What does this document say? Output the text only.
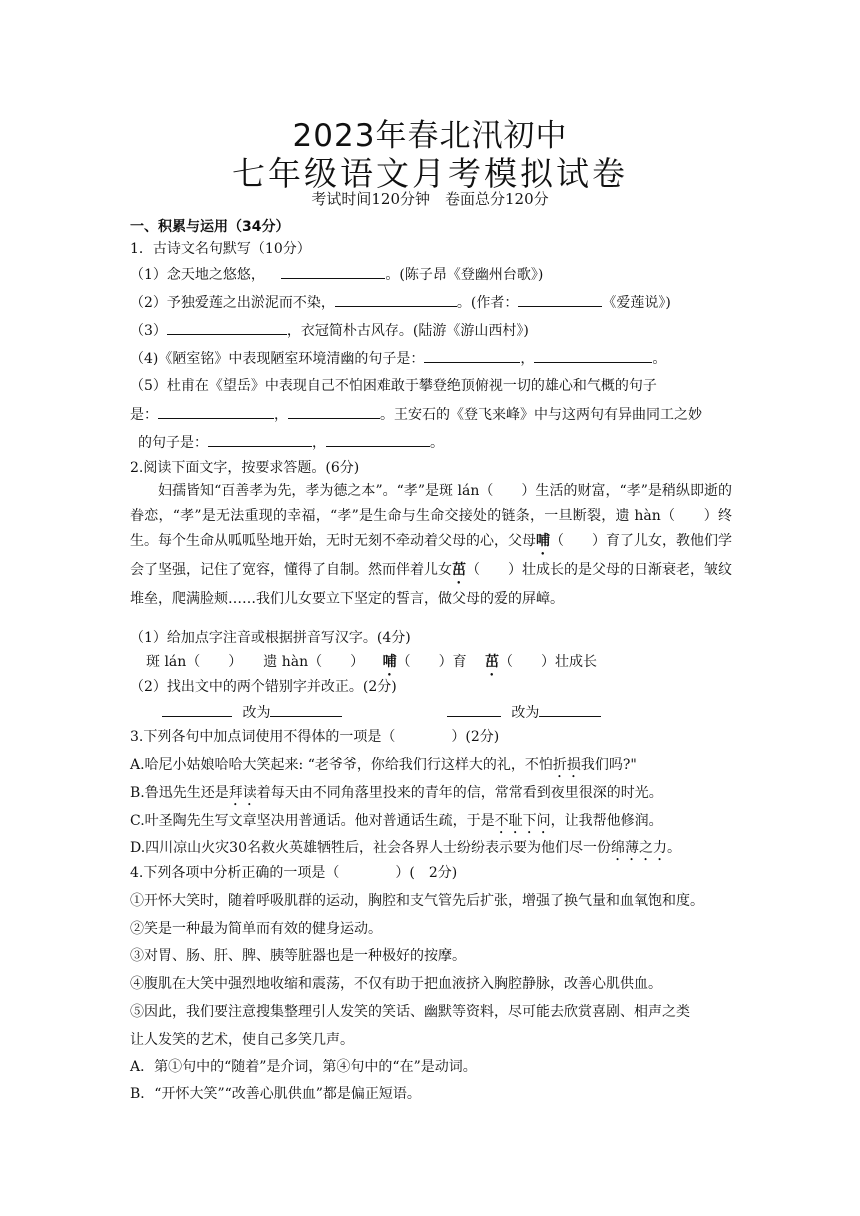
2023年春北汛初中
七年级语文月考模拟试卷
考试时间120分钟　卷面总分120分
一、积累与运用（34分）
1．古诗文名句默写（10分）
（1）念天地之悠悠，	。(陈子昂《登幽州台歌》)
（2）予独爱莲之出淤泥而不染，	。(作者：	《爱莲说》)
（3）	，衣冠简朴古风存。(陆游《游山西村》)
（4)《陋室铭》中表现陋室环境清幽的句子是：	，	。
（5）杜甫在《望岳》中表现自己不怕困难敢于攀登绝顶俯视一切的雄心和气概的句子
是：	，	。王安石的《登飞来峰》中与这两句有异曲同工之妙
的句子是：	，	。
2.阅读下面文字，按要求答题。(6分)
妇孺皆知“百善孝为先，孝为德之本”。“孝”是斑 lán（　　）生活的财富，“孝”是稍纵即逝的眷恋，“孝”是无法重现的幸福，“孝”是生命与生命交接处的链条，一旦断裂，遗 hàn（　　）终生。每个生命从呱呱坠地开始，无时无刻不牵动着父母的心，父母哺（　　）育了儿女，教他们学会了坚强，记住了宽容，懂得了自制。然而伴着儿女茁（　　）壮成长的是父母的日渐衰老，皱纹堆垒，爬满脸颊……我们儿女要立下坚定的誓言，做父母的爱的屏嶂。
（1）给加点字注音或根据拼音写汉字。(4分)
斑 lán（　　）　　遗 hàn（　　） 哺（　　）育 茁（　　）壮成长
（2）找出文中的两个错别字并改正。(2分)
改为	改为
3.下列各句中加点词使用不得体的一项是（　　　　）(2分)
A.哈尼小姑娘哈哈大笑起来: “老爷爷，你给我们行这样大的礼，不怕折损我们吗?"
B.鲁迅先生还是拜读着每天由不同角落里投来的青年的信，常常看到夜里很深的时光。
C.叶圣陶先生写文章坚决用普通话。他对普通话生疏，于是不耻下问，让我帮他修润。
D.四川凉山火灾30名救火英雄牺牲后，社会各界人士纷纷表示要为他们尽一份绵薄之力。
4.下列各项中分析正确的一项是（　　　　）(　2分)
①开怀大笑时，随着呼吸肌群的运动，胸腔和支气管先后扩张，增强了换气量和血氧饱和度。
②笑是一种最为简单而有效的健身运动。
③对胃、肠、肝、脾、胰等脏器也是一种极好的按摩。
④腹肌在大笑中强烈地收缩和震荡，不仅有助于把血液挤入胸腔静脉，改善心肌供血。
⑤因此，我们要注意搜集整理引人发笑的笑话、幽默等资料，尽可能去欣赏喜剧、相声之类
让人发笑的艺术，使自己多笑几声。
A．第①句中的“随着”是介词，第④句中的“在”是动词。
B．“开怀大笑”“改善心肌供血”都是偏正短语。
